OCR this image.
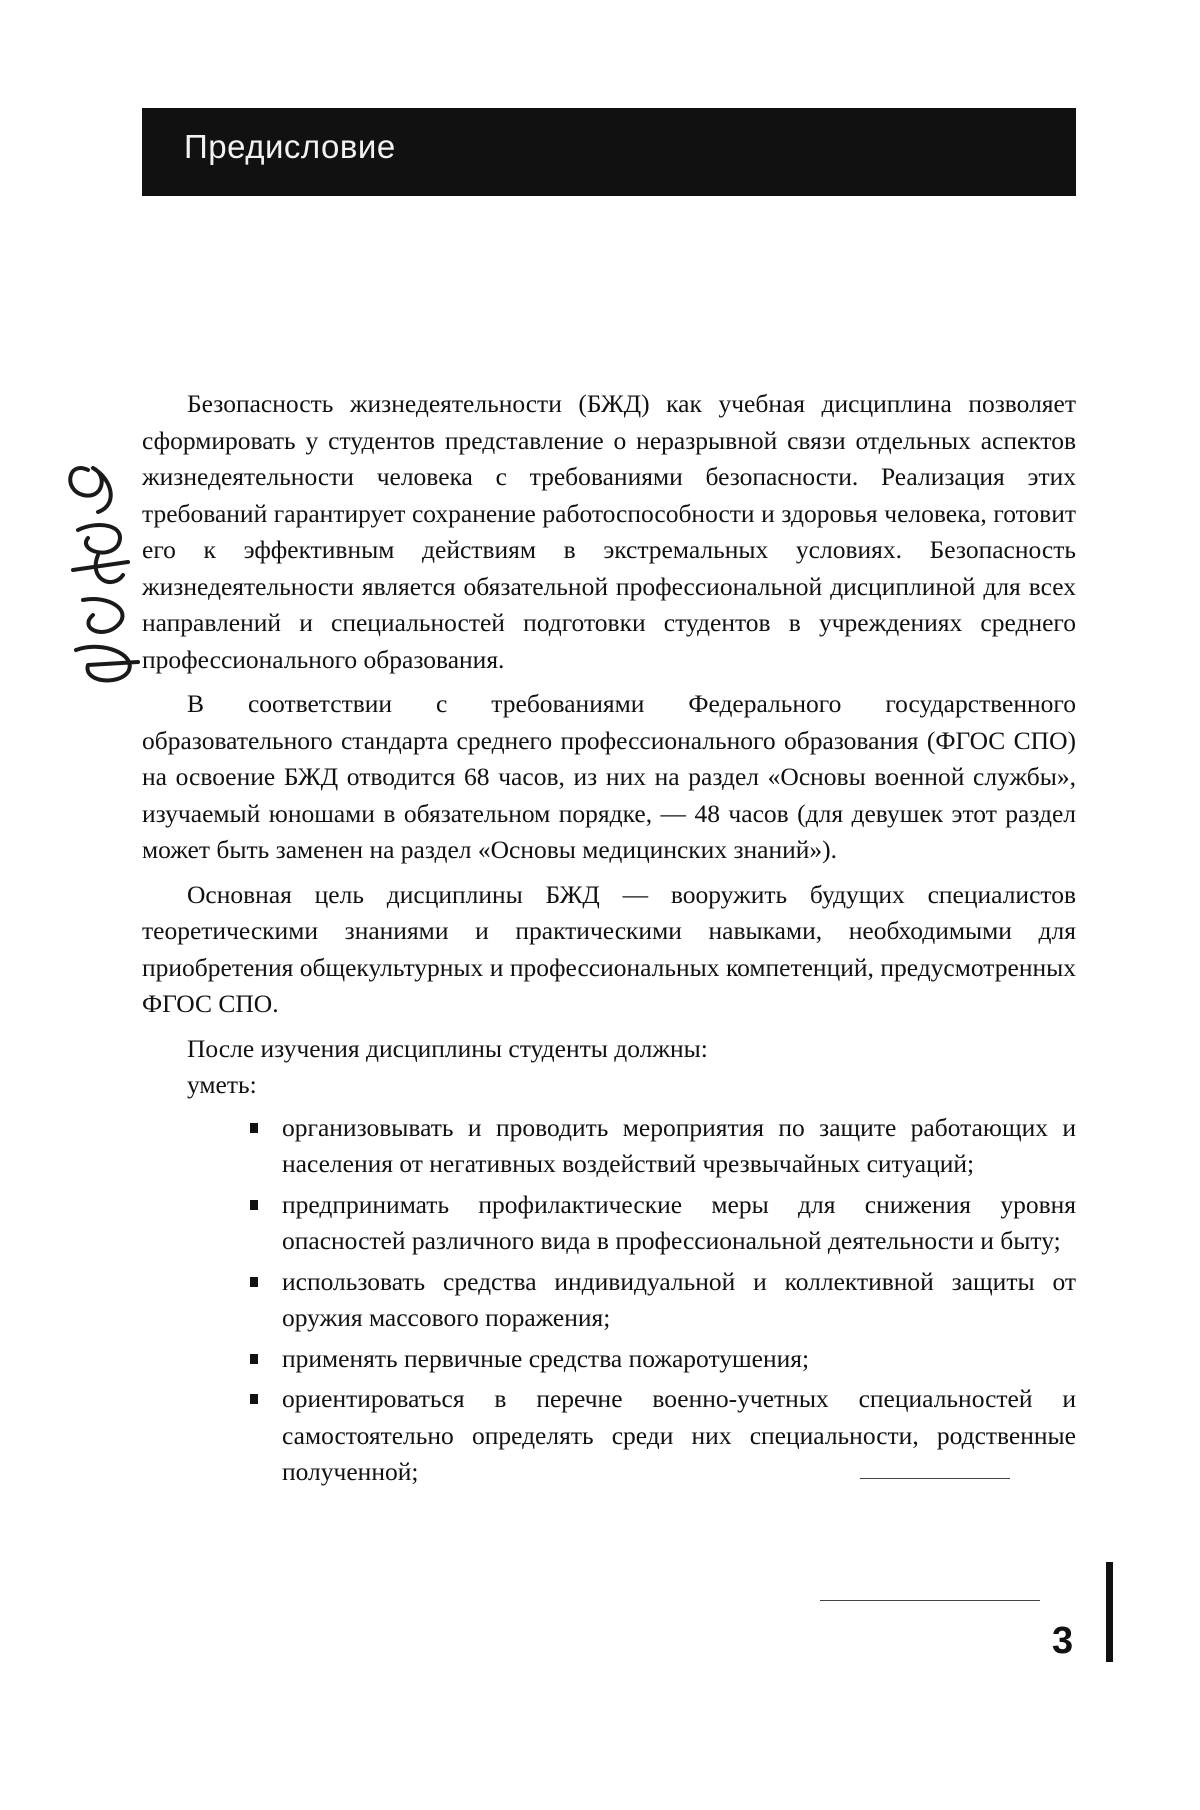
Предисловие

Безопасность жизнедеятельности (БЖД) как учебная дисциплина позволяет сформировать у студентов представление о неразрывной связи отдельных аспектов жизнедеятельности человека с требованиями безопасности. Реализация этих требований гарантирует сохранение работоспособности и здоровья человека, готовит его к эффективным действиям в экстремальных условиях. Безопасность жизнедеятельности является обязательной профессиональной дисциплиной для всех направлений и специальностей подготовки студентов в учреждениях среднего профессионального образования.

В соответствии с требованиями Федерального государственного образовательного стандарта среднего профессионального образования (ФГОС СПО) на освоение БЖД отводится 68 часов, из них на раздел «Основы военной службы», изучаемый юношами в обязательном порядке, — 48 часов (для девушек этот раздел может быть заменен на раздел «Основы медицинских знаний»).

Основная цель дисциплины БЖД — вооружить будущих специалистов теоретическими знаниями и практическими навыками, необходимыми для приобретения общекультурных и профессиональных компетенций, предусмотренных ФГОС СПО.

После изучения дисциплины студенты должны:

уметь:

организовывать и проводить мероприятия по защите работающих и населения от негативных воздействий чрезвычайных ситуаций;
предпринимать профилактические меры для снижения уровня опасностей различного вида в профессиональной деятельности и быту;
использовать средства индивидуальной и коллективной защиты от оружия массового поражения;
применять первичные средства пожаротушения;
ориентироваться в перечне военно-учетных специальностей и самостоятельно определять среди них специальности, родственные полученной;
3
